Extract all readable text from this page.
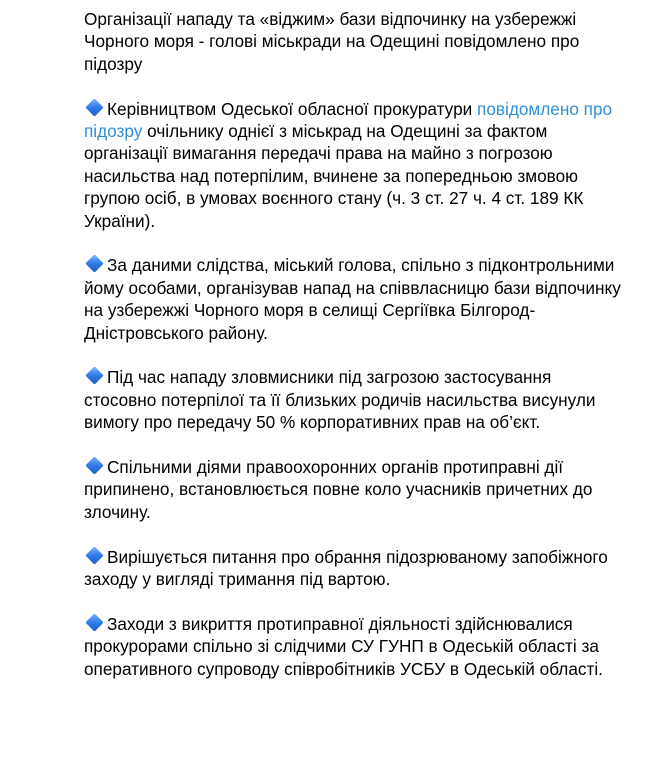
Організації нападу та «віджим» бази відпочинку на узбережжі Чорного моря - голові міськради на Одещині повідомлено про підозру

Керівництвом Одеської обласної прокуратури повідомлено про підозру очільнику однієї з міськрад на Одещині за фактом організації вимагання передачі права на майно з погрозою насильства над потерпілим, вчинене за попередньою змовою групою осіб, в умовах воєнного стану (ч. 3 ст. 27 ч. 4 ст. 189 КК України).

За даними слідства, міський голова, спільно з підконтрольними йому особами, організував напад на співвласницю бази відпочинку на узбережжі Чорного моря в селищі Сергіївка Білгород-Дністровського району.

Під час нападу зловмисники під загрозою застосування стосовно потерпілої та її близьких родичів насильства висунули вимогу про передачу 50 % корпоративних прав на об’єкт.

Спільними діями правоохоронних органів протиправні дії припинено, встановлюється повне коло учасників причетних до злочину.

Вирішується питання про обрання підозрюваному запобіжного заходу у вигляді тримання під вартою.

Заходи з викриття протиправної діяльності здійснювалися прокурорами спільно зі слідчими СУ ГУНП в Одеській області за оперативного супроводу співробітників УСБУ в Одеській області.
